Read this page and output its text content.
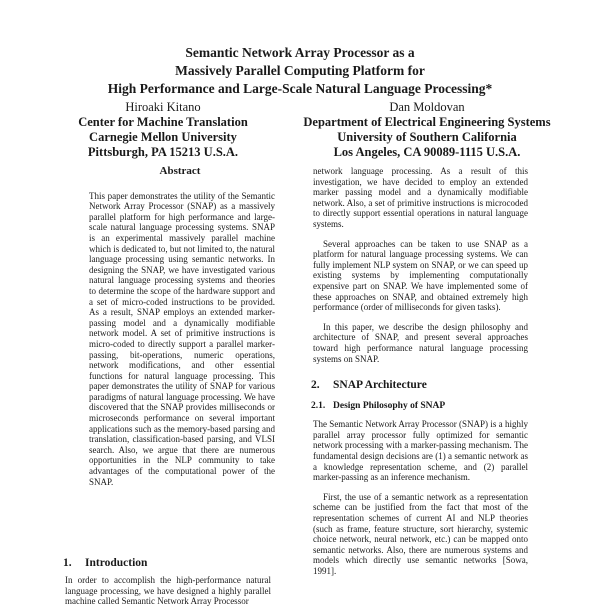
Semantic Network Array Processor as a
Massively Parallel Computing Platform for
High Performance and Large-Scale Natural Language Processing*
Hiroaki Kitano
Center for Machine Translation
Carnegie Mellon University
Pittsburgh, PA 15213 U.S.A.
Dan Moldovan
Department of Electrical Engineering Systems
University of Southern California
Los Angeles, CA 90089-1115 U.S.A.
Abstract
This paper demonstrates the utility of the Semantic Network Array Processor (SNAP) as a massively parallel platform for high performance and large-scale natural language processing systems. SNAP is an experimental massively parallel machine which is dedicated to, but not limited to, the natural language processing using semantic networks. In designing the SNAP, we have investigated various natural language processing systems and theories to determine the scope of the hardware support and a set of micro-coded instructions to be provided. As a result, SNAP employs an extended marker-passing model and a dynamically modifiable network model. A set of primitive instructions is micro-coded to directly support a parallel marker-passing, bit-operations, numeric operations, network modifications, and other essential functions for natural language processing. This paper demonstrates the utility of SNAP for various paradigms of natural language processing. We have discovered that the SNAP provides milliseconds or microseconds performance on several important applications such as the memory-based parsing and translation, classification-based parsing, and VLSI search. Also, we argue that there are numerous opportunities in the NLP community to take advantages of the computational power of the SNAP.
1. Introduction
In order to accomplish the high-performance natural language processing, we have designed a highly parallel machine called Semantic Network Array Processor
network language processing. As a result of this investigation, we have decided to employ an extended marker passing model and a dynamically modifiable network. Also, a set of primitive instructions is microcoded to directly support essential operations in natural language systems.
Several approaches can be taken to use SNAP as a platform for natural language processing systems. We can fully implement NLP system on SNAP, or we can speed up existing systems by implementing computationally expensive part on SNAP. We have implemented some of these approaches on SNAP, and obtained extremely high performance (order of milliseconds for given tasks).
In this paper, we describe the design philosophy and architecture of SNAP, and present several approaches toward high performance natural language processing systems on SNAP.
2. SNAP Architecture
2.1. Design Philosophy of SNAP
The Semantic Network Array Processor (SNAP) is a highly parallel array processor fully optimized for semantic network processing with a marker-passing mechanism. The fundamental design decisions are (1) a semantic network as a knowledge representation scheme, and (2) parallel marker-passing as an inference mechanism.
First, the use of a semantic network as a representation scheme can be justified from the fact that most of the representation schemes of current AI and NLP theories (such as frame, feature structure, sort hierarchy, systemic choice network, neural network, etc.) can be mapped onto semantic networks. Also, there are numerous systems and models which directly use semantic networks [Sowa, 1991].
